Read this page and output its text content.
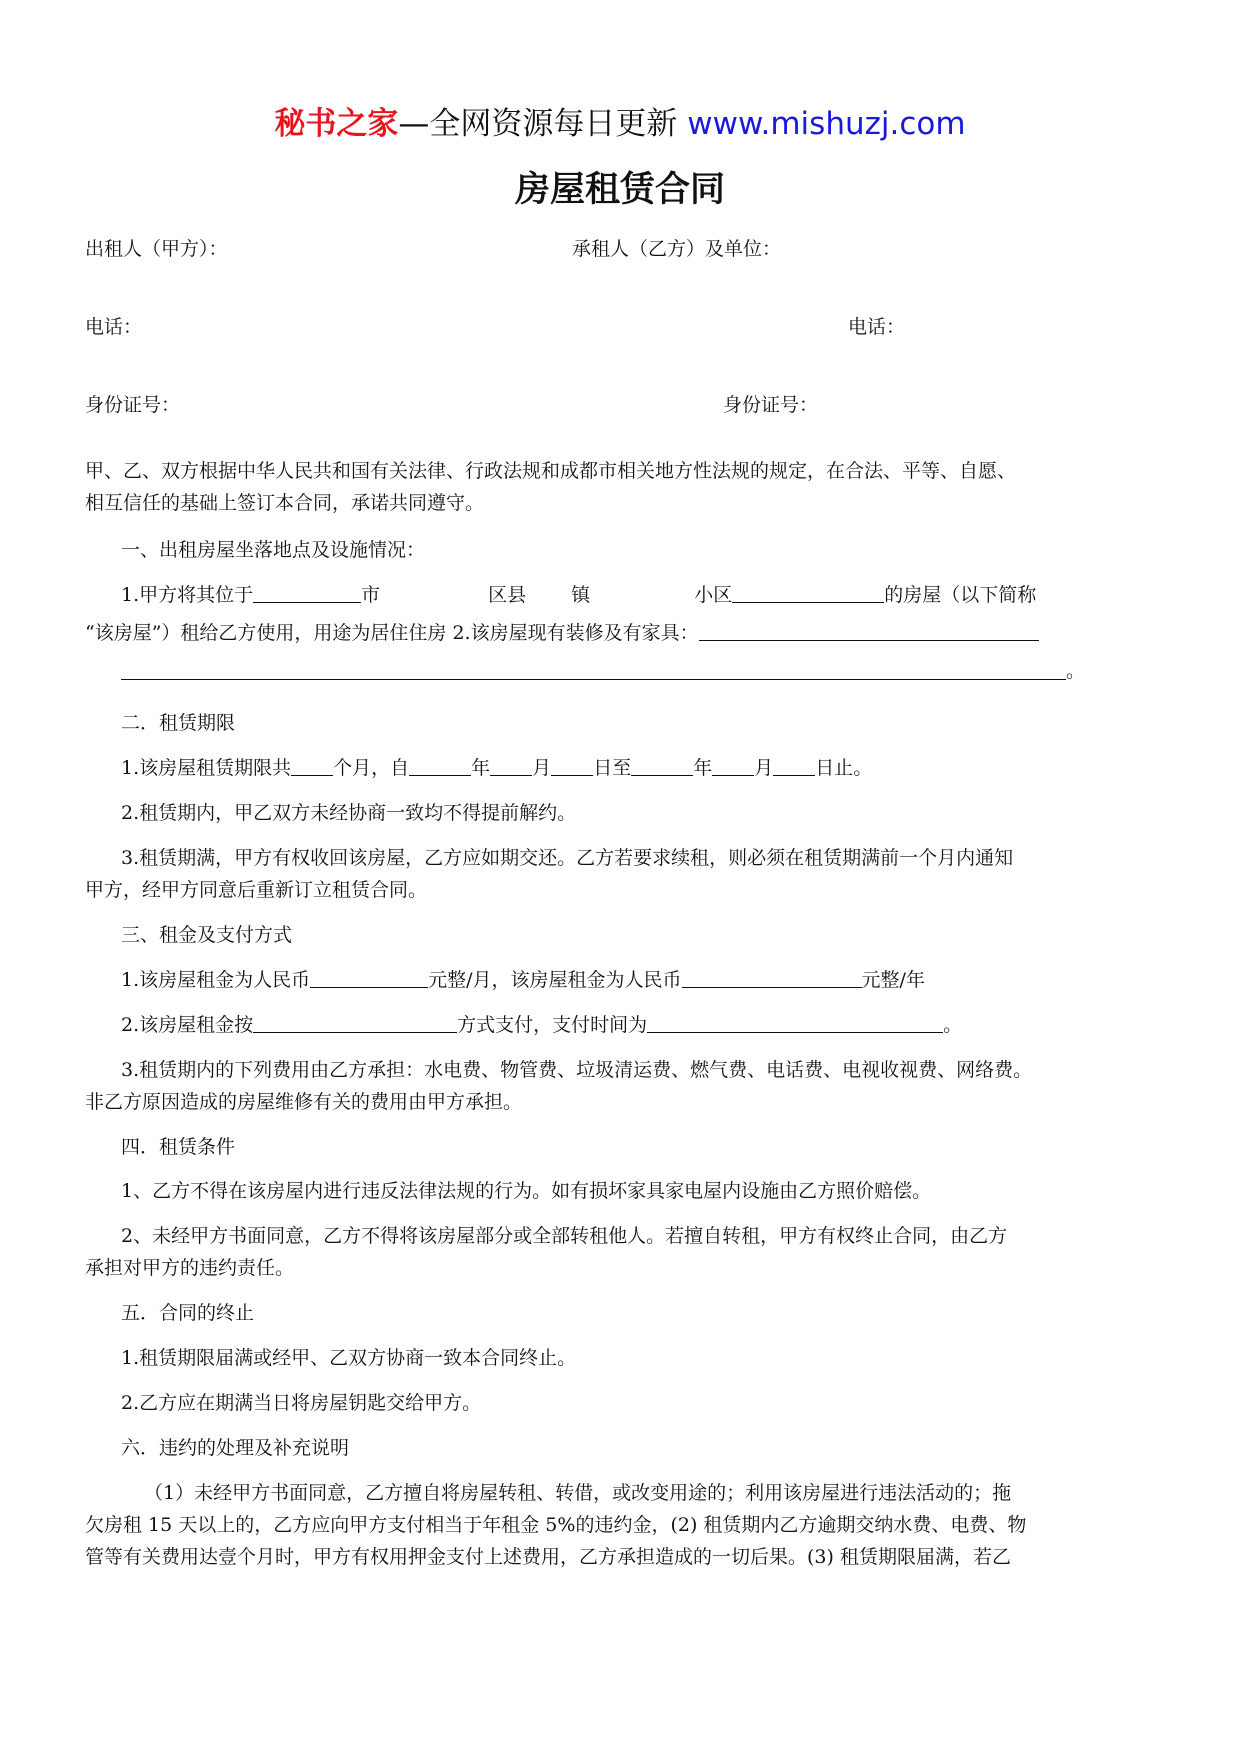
秘书之家—全网资源每日更新 www.mishuzj.com
房屋租赁合同

出租人（甲方）：	承租人（乙方）及单位：

电话：	电话：

身份证号：	身份证号：

甲、乙、双方根据中华人民共和国有关法律、行政法规和成都市相关地方性法规的规定，在合法、平等、自愿、

相互信任的基础上签订本合同，承诺共同遵守。

一、出租房屋坐落地点及设施情况：

1.甲方将其位于	市	区县 镇	小区	的房屋（以下简称

“该房屋”）租给乙方使用，用途为居住住房 2.该房屋现有装修及有家具：

。

二．租赁期限

1.该房屋租赁期限共 个月，自	年 月 日至	年 月 日止。

2.租赁期内，甲乙双方未经协商一致均不得提前解约。

3.租赁期满，甲方有权收回该房屋，乙方应如期交还。乙方若要求续租，则必须在租赁期满前一个月内通知

甲方，经甲方同意后重新订立租赁合同。

三、租金及支付方式

1.该房屋租金为人民币	元整/月，该房屋租金为人民币	元整/年

2.该房屋租金按	方式支付，支付时间为	。

3.租赁期内的下列费用由乙方承担：水电费、物管费、垃圾清运费、燃气费、电话费、电视收视费、网络费。

非乙方原因造成的房屋维修有关的费用由甲方承担。

四．租赁条件

1、乙方不得在该房屋内进行违反法律法规的行为。如有损坏家具家电屋内设施由乙方照价赔偿。

2、未经甲方书面同意，乙方不得将该房屋部分或全部转租他人。若擅自转租，甲方有权终止合同，由乙方

承担对甲方的违约责任。

五．合同的终止

1.租赁期限届满或经甲、乙双方协商一致本合同终止。

2.乙方应在期满当日将房屋钥匙交给甲方。

六．违约的处理及补充说明

（1）未经甲方书面同意，乙方擅自将房屋转租、转借，或改变用途的；利用该房屋进行违法活动的；拖

欠房租 15 天以上的，乙方应向甲方支付相当于年租金 5%的违约金，(2) 租赁期内乙方逾期交纳水费、电费、物

管等有关费用达壹个月时，甲方有权用押金支付上述费用，乙方承担造成的一切后果。(3) 租赁期限届满，若乙
